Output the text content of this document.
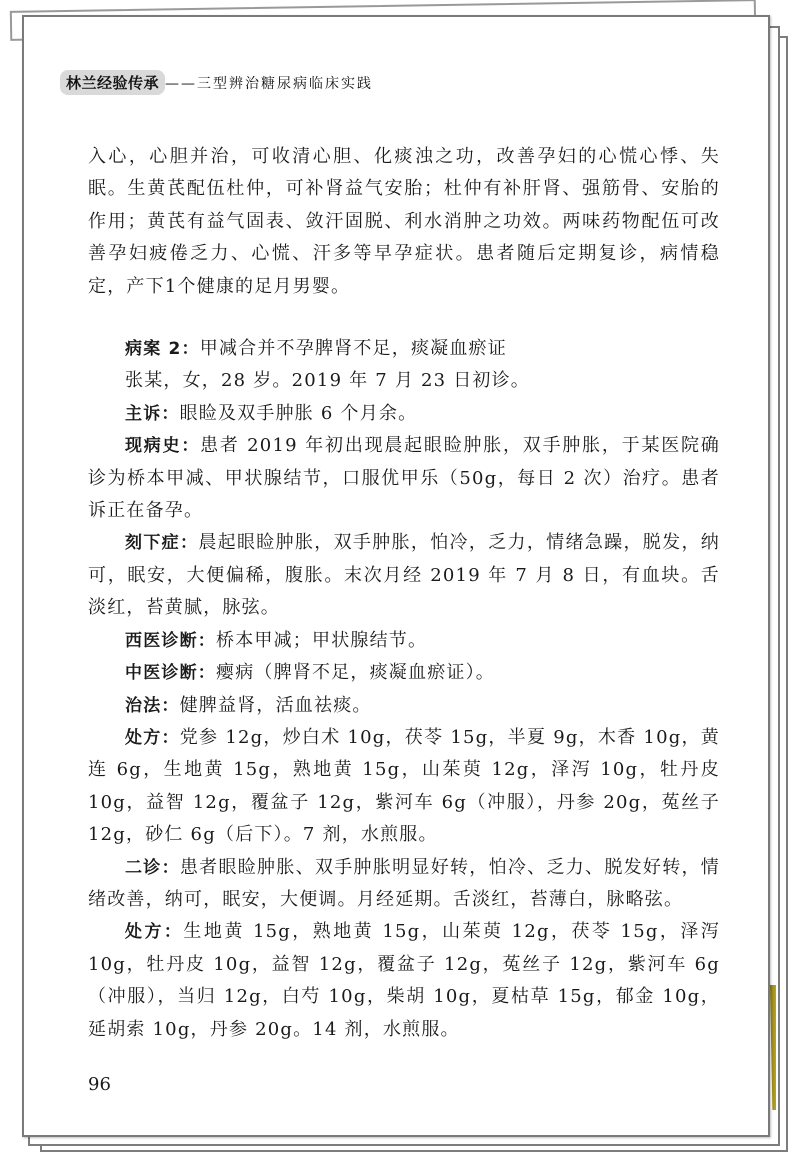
林兰经验传承 ——三型辨治糖尿病临床实践

入心，心胆并治，可收清心胆、化痰浊之功，改善孕妇的心慌心悸、失眠。生黄芪配伍杜仲，可补肾益气安胎；杜仲有补肝肾、强筋骨、安胎的作用；黄芪有益气固表、敛汗固脱、利水消肿之功效。两味药物配伍可改善孕妇疲倦乏力、心慌、汗多等早孕症状。患者随后定期复诊，病情稳定，产下1个健康的足月男婴。

病案 2：甲减合并不孕脾肾不足，痰凝血瘀证

张某，女，28 岁。2019 年 7 月 23 日初诊。

主诉：眼睑及双手肿胀 6 个月余。

现病史：患者 2019 年初出现晨起眼睑肿胀，双手肿胀，于某医院确诊为桥本甲减、甲状腺结节，口服优甲乐（50g，每日 2 次）治疗。患者诉正在备孕。

刻下症：晨起眼睑肿胀，双手肿胀，怕冷，乏力，情绪急躁，脱发，纳可，眠安，大便偏稀，腹胀。末次月经 2019 年 7 月 8 日，有血块。舌淡红，苔黄腻，脉弦。

西医诊断：桥本甲减；甲状腺结节。

中医诊断：瘿病（脾肾不足，痰凝血瘀证）。

治法：健脾益肾，活血祛痰。

处方：党参 12g，炒白术 10g，茯苓 15g，半夏 9g，木香 10g，黄连 6g，生地黄 15g，熟地黄 15g，山茱萸 12g，泽泻 10g，牡丹皮 10g，益智 12g，覆盆子 12g，紫河车 6g（冲服），丹参 20g，菟丝子 12g，砂仁 6g（后下）。7 剂，水煎服。

二诊：患者眼睑肿胀、双手肿胀明显好转，怕冷、乏力、脱发好转，情绪改善，纳可，眠安，大便调。月经延期。舌淡红，苔薄白，脉略弦。

处方：生地黄 15g，熟地黄 15g，山茱萸 12g，茯苓 15g，泽泻 10g，牡丹皮 10g，益智 12g，覆盆子 12g，菟丝子 12g，紫河车 6g（冲服），当归 12g，白芍 10g，柴胡 10g，夏枯草 15g，郁金 10g，延胡索 10g，丹参 20g。14 剂，水煎服。

96
